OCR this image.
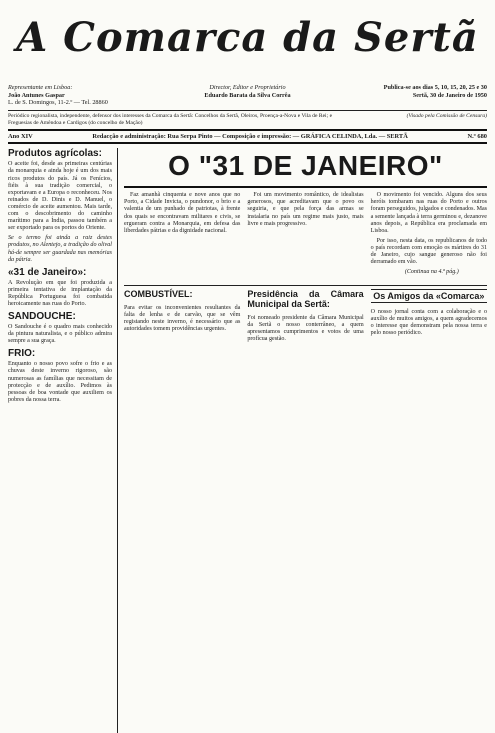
A Comarca da Sertã
Representante em Lisboa:
João Antunes Gaspar
L. de S. Domingos, 11-2.º — Tel. 28860
Director, Editor e Proprietário
Eduardo Barata da Silva Corrêa
Publica-se aos dias 5, 10, 15, 20, 25 e 30
Sertã, 30 de Janeiro de 1950
Periódico regionalista, independente, defensor dos interesses da Comarca da Sertã: Concelhos da Sertã, Oleiros, Proença-a-Nova e Vila de Rei; e Freguesias de Amêndoa e Cardigos (do concelho de Mação)
(Visado pela Comissão de Censura)
Ano XIV	Redacção e administração: Rua Serpa Pinto — Composição e impressão: — GRÁFICA CELINDA, Lda. — SERTÃ	N.º 680
Produtos agrícolas:

O aceite foi, desde as primeiras centúrias da monarquia e ainda hoje é um dos mais ricos produtos do país. Já os Fenícios, fiéis à sua tradição comercial, o exportavam e a Europa o reconheceu. Nos reinados de D. Dinis e D. Manuel, o comércio de aceite aumentou. Mais tarde, com o descobrimento do caminho marítimo para a Índia, passou também a ser exportado para os portos do Oriente.

Se o termo foi ainda a raiz destes produtos, no Alentejo, a tradição do olival há-de sempre ser guardada nas memórias da pátria.

«31 de Janeiro»:

A Revolução em que foi produzida a primeira tentativa de implantação da República Portuguesa foi combatida heroicamente nas ruas do Porto.

SANDOUCHE:

O Sandouche é o quadro mais conhecido da pintura naturalista, e o público admira sempre a sua graça.

FRIO:

Enquanto o nosso povo sofre o frio e as chuvas deste inverno rigoroso, são numerosas as famílias que necessitam de protecção e de auxílio. Pedimos às pessoas de boa vontade que auxiliem os pobres da nossa terra.

O "31 DE JANEIRO"

Faz amanhã cinquenta e nove anos que no Porto, a Cidade Invicta, o pundonor, o brio e a valentia de um punhado de patriotas, à frente dos quais se encontravam militares e civis, se ergueram contra a Monarquia, em defesa das liberdades pátrias e da dignidade nacional.

Foi um movimento romântico, de idealistas generosos, que acreditavam que o povo os seguiria, e que pela força das armas se instalaria no país um regime mais justo, mais livre e mais progressivo.

O movimento foi vencido. Alguns dos seus heróis tombaram nas ruas do Porto e outros foram perseguidos, julgados e condenados. Mas a semente lançada à terra germinou e, dezanove anos depois, a República era proclamada em Lisboa.

Por isso, nesta data, os republicanos de todo o país recordam com emoção os mártires do 31 de Janeiro, cujo sangue generoso não foi derramado em vão.

(Continua na 4.ª pág.)

COMBUSTÍVEL:

Para evitar os inconvenientes resultantes da falta de lenha e de carvão, que se vêm registando neste inverno, é necessário que as autoridades tomem providências urgentes.

Presidência da Câmara Municipal da Sertã:

Foi nomeado presidente da Câmara Municipal da Sertã o nosso conterrâneo, a quem apresentamos cumprimentos e votos de uma profícua gestão.

Os Amigos da «Comarca»

O nosso jornal conta com a colaboração e o auxílio de muitos amigos, a quem agradecemos o interesse que demonstram pela nossa terra e pelo nosso periódico.
